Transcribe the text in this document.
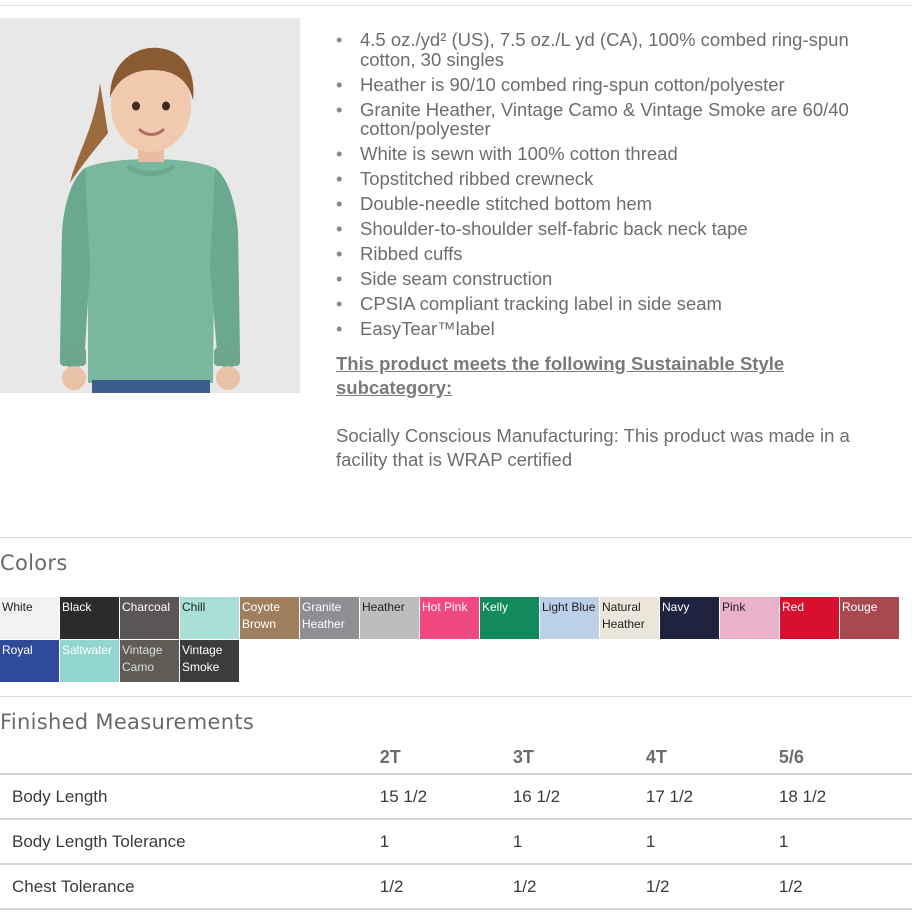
• 4.5 oz./yd² (US), 7.5 oz./L yd (CA), 100% combed ring-spun cotton, 30 singles
• Heather is 90/10 combed ring-spun cotton/polyester
• Granite Heather, Vintage Camo & Vintage Smoke are 60/40 cotton/polyester
• White is sewn with 100% cotton thread
• Topstitched ribbed crewneck
• Double-needle stitched bottom hem
• Shoulder-to-shoulder self-fabric back neck tape
• Ribbed cuffs
• Side seam construction
• CPSIA compliant tracking label in side seam
• EasyTear™label
This product meets the following Sustainable Style subcategory:
Socially Conscious Manufacturing: This product was made in a facility that is WRAP certified
Colors
White	Black	Charcoal Chill	Coyote Brown
Granite Heather
Heather	Hot Pink	Kelly	Light Blue Natural Heather
Navy	Pink	Red	Rouge
Royal	Saltwater Vintage Camo
Vintage Smoke
Finished Measurements
	2T	3T	4T	5/6
Body Length	15 1/2	16 1/2	17 1/2	18 1/2
Body Length Tolerance	1	1	1	1
Chest Tolerance	1/2	1/2	1/2	1/2
